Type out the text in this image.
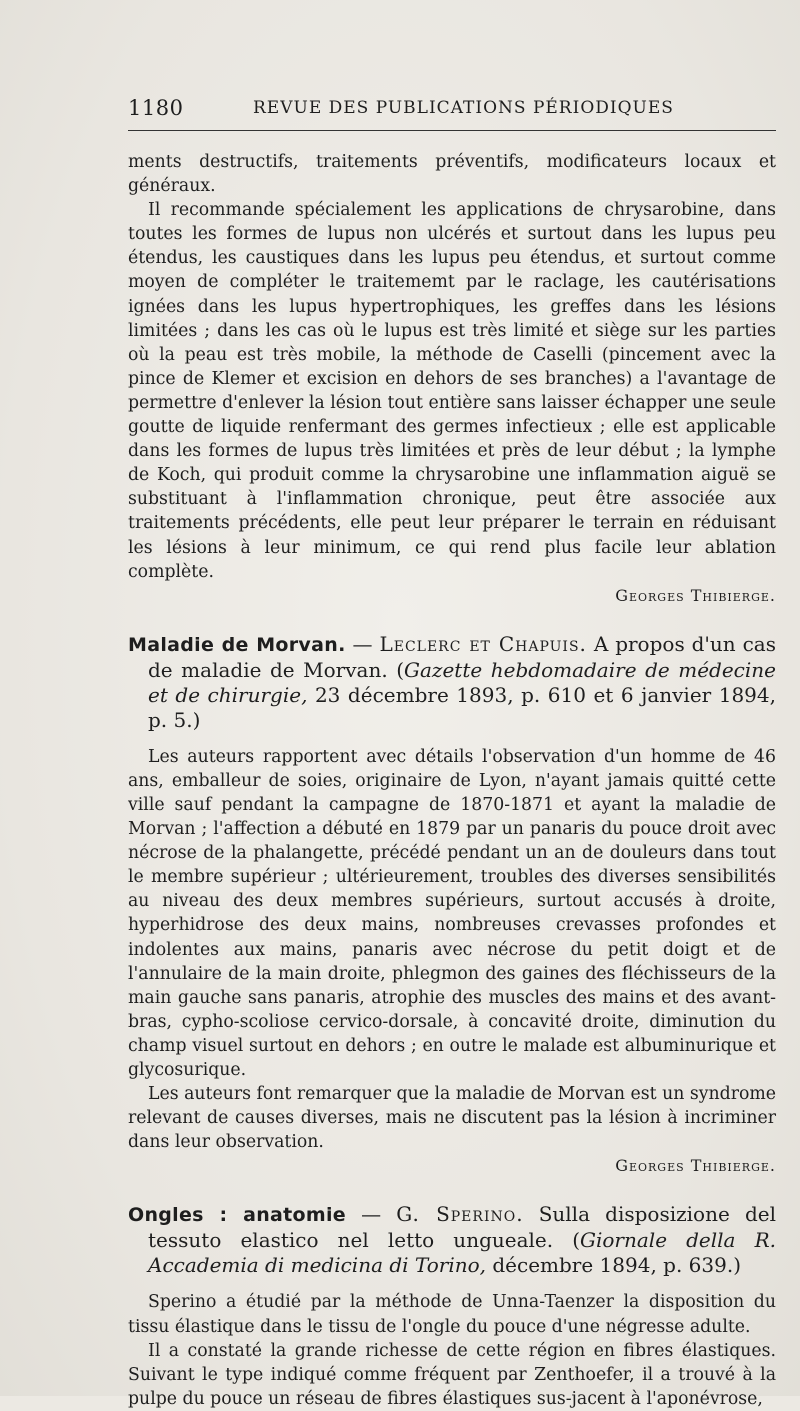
1180	REVUE DES PUBLICATIONS PÉRIODIQUES

ments destructifs, traitements préventifs, modificateurs locaux et généraux.

Il recommande spécialement les applications de chrysarobine, dans toutes les formes de lupus non ulcérés et surtout dans les lupus peu étendus, les caustiques dans les lupus peu étendus, et surtout comme moyen de compléter le traitememt par le raclage, les cautérisations ignées dans les lupus hypertrophiques, les greffes dans les lésions limitées ; dans les cas où le lupus est très limité et siège sur les parties où la peau est très mobile, la méthode de Caselli (pincement avec la pince de Klemer et excision en dehors de ses branches) a l'avantage de permettre d'enlever la lésion tout entière sans laisser échapper une seule goutte de liquide renfermant des germes infectieux ; elle est applicable dans les formes de lupus très limitées et près de leur début ; la lymphe de Koch, qui produit comme la chrysarobine une inflammation aiguë se substituant à l'inflammation chronique, peut être associée aux traitements précédents, elle peut leur préparer le terrain en réduisant les lésions à leur minimum, ce qui rend plus facile leur ablation complète.

Georges Thibierge.
Maladie de Morvan. — Leclerc et Chapuis. A propos d'un cas de maladie de Morvan. (Gazette hebdomadaire de médecine et de chirurgie, 23 décembre 1893, p. 610 et 6 janvier 1894, p. 5.)

Les auteurs rapportent avec détails l'observation d'un homme de 46 ans, emballeur de soies, originaire de Lyon, n'ayant jamais quitté cette ville sauf pendant la campagne de 1870-1871 et ayant la maladie de Morvan ; l'affection a débuté en 1879 par un panaris du pouce droit avec nécrose de la phalangette, précédé pendant un an de douleurs dans tout le membre supérieur ; ultérieurement, troubles des diverses sensibilités au niveau des deux membres supérieurs, surtout accusés à droite, hyperhidrose des deux mains, nombreuses crevasses profondes et indolentes aux mains, panaris avec nécrose du petit doigt et de l'annulaire de la main droite, phlegmon des gaines des fléchisseurs de la main gauche sans panaris, atrophie des muscles des mains et des avant-bras, cypho-scoliose cervico-dorsale, à concavité droite, diminution du champ visuel surtout en dehors ; en outre le malade est albuminurique et glycosurique.

Les auteurs font remarquer que la maladie de Morvan est un syndrome relevant de causes diverses, mais ne discutent pas la lésion à incriminer dans leur observation.

Georges Thibierge.
Ongles : anatomie — G. Sperino. Sulla disposizione del tessuto elastico nel letto ungueale. (Giornale della R. Accademia di medicina di Torino, décembre 1894, p. 639.)

Sperino a étudié par la méthode de Unna-Taenzer la disposition du tissu élastique dans le tissu de l'ongle du pouce d'une négresse adulte.

Il a constaté la grande richesse de cette région en fibres élastiques. Suivant le type indiqué comme fréquent par Zenthoefer, il a trouvé à la pulpe du pouce un réseau de fibres élastiques sus-jacent à l'aponévrose,
